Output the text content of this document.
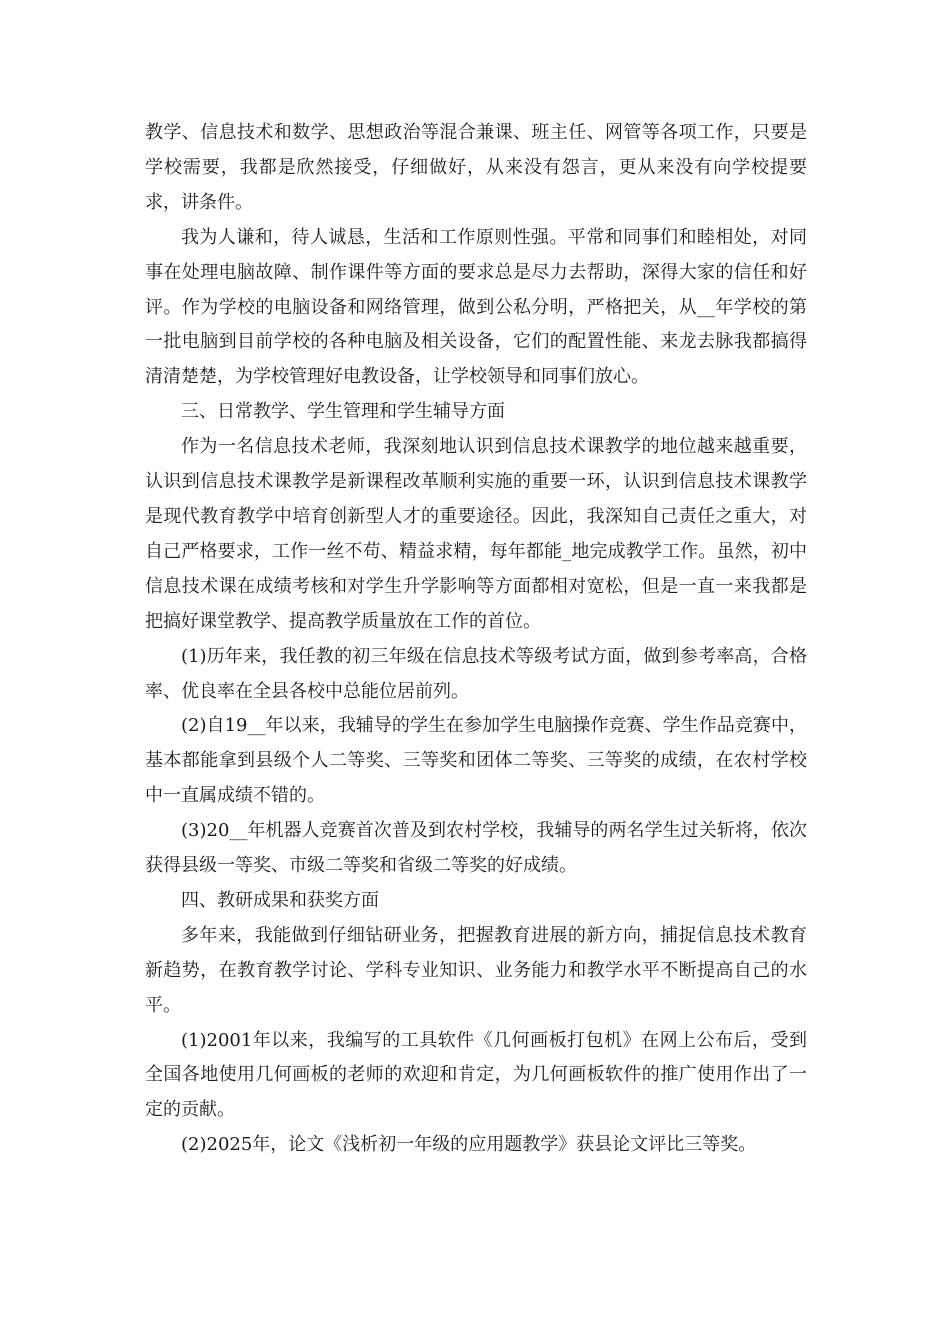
教学、信息技术和数学、思想政治等混合兼课、班主任、网管等各项工作，只要是学校需要，我都是欣然接受，仔细做好，从来没有怨言，更从来没有向学校提要求，讲条件。

我为人谦和，待人诚恳，生活和工作原则性强。平常和同事们和睦相处，对同事在处理电脑故障、制作课件等方面的要求总是尽力去帮助，深得大家的信任和好评。作为学校的电脑设备和网络管理，做到公私分明，严格把关，从__年学校的第一批电脑到目前学校的各种电脑及相关设备，它们的配置性能、来龙去脉我都搞得清清楚楚，为学校管理好电教设备，让学校领导和同事们放心。

三、日常教学、学生管理和学生辅导方面

作为一名信息技术老师，我深刻地认识到信息技术课教学的地位越来越重要，认识到信息技术课教学是新课程改革顺利实施的重要一环，认识到信息技术课教学是现代教育教学中培育创新型人才的重要途径。因此，我深知自己责任之重大，对自己严格要求，工作一丝不苟、精益求精，每年都能_地完成教学工作。虽然，初中信息技术课在成绩考核和对学生升学影响等方面都相对宽松，但是一直一来我都是把搞好课堂教学、提高教学质量放在工作的首位。

(1)历年来，我任教的初三年级在信息技术等级考试方面，做到参考率高，合格率、优良率在全县各校中总能位居前列。

(2)自19__年以来，我辅导的学生在参加学生电脑操作竞赛、学生作品竞赛中，基本都能拿到县级个人二等奖、三等奖和团体二等奖、三等奖的成绩，在农村学校中一直属成绩不错的。

(3)20__年机器人竞赛首次普及到农村学校，我辅导的两名学生过关斩将，依次获得县级一等奖、市级二等奖和省级二等奖的好成绩。

四、教研成果和获奖方面

多年来，我能做到仔细钻研业务，把握教育进展的新方向，捕捉信息技术教育新趋势，在教育教学讨论、学科专业知识、业务能力和教学水平不断提高自己的水平。

(1)2001年以来，我编写的工具软件《几何画板打包机》在网上公布后，受到全国各地使用几何画板的老师的欢迎和肯定，为几何画板软件的推广使用作出了一定的贡献。

(2)2025年，论文《浅析初一年级的应用题教学》获县论文评比三等奖。
